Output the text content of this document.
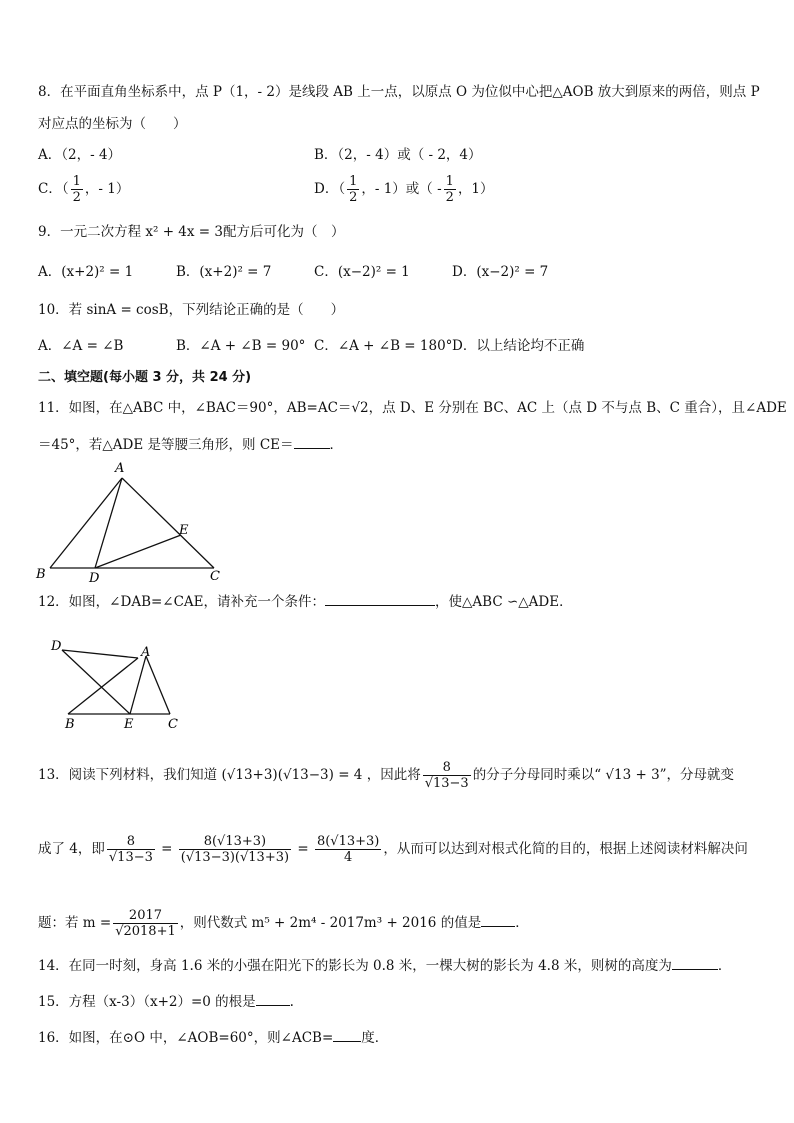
8．在平面直角坐标系中，点 P（1，- 2）是线段 AB 上一点，以原点 O 为位似中心把△AOB 放大到原来的两倍，则点 P
对应点的坐标为（　　）
A．（2，- 4）	B．（2，- 4）或（ - 2，4）
C．（ $\frac{1}{2}$ ，- 1）	D．（ $\frac{1}{2}$ ，- 1）或（ - $\frac{1}{2}$ ，1）
9．一元二次方程 x² + 4x = 3配方后可化为（　）
A．(x+2)² = 1	B．(x+2)² = 7	C．(x−2)² = 1	D．(x−2)² = 7
10．若 sinA = cosB，下列结论正确的是（　　）
A．∠A = ∠B	B．∠A + ∠B = 90° C．∠A + ∠B = 180° D．以上结论均不正确
二、填空题(每小题 3 分，共 24 分)
11．如图，在△ABC 中，∠BAC＝90°，AB=AC＝√2，点 D、E 分别在 BC、AC 上（点 D 不与点 B、C 重合），且∠ADE
＝45°，若△ADE 是等腰三角形，则 CE＝	．
A
B	C
D
E
12．如图，∠DAB=∠CAE，请补充一个条件：	，使△ABC ∽△ADE．
D	A
B	E	C
13．阅读下列材料，我们知道 (√13+3)(√13−3) = 4 ，因此将 $\frac{8}{√13-3}$ 的分子分母同时乘以“ √13 + 3”，分母就变
成了 4，即 $\frac{8}{√13-3} = \frac{8(√13+3)}{(√13-3)(√13+3)} = \frac{8(√13+3)}{4}$ ，从而可以达到对根式化简的目的，根据上述阅读材料解决问
题：若 $m = \frac{2017}{√2018+1}$ ，则代数式 m⁵ + 2m⁴ - 2017m³ + 2016 的值是	．
14．在同一时刻，身高 1.6 米的小强在阳光下的影长为 0.8 米，一棵大树的影长为 4.8 米，则树的高度为	．
15．方程（x-3）（x+2）=0 的根是	.
16．如图，在⊙O 中，∠AOB=60°，则∠ACB= 度．
